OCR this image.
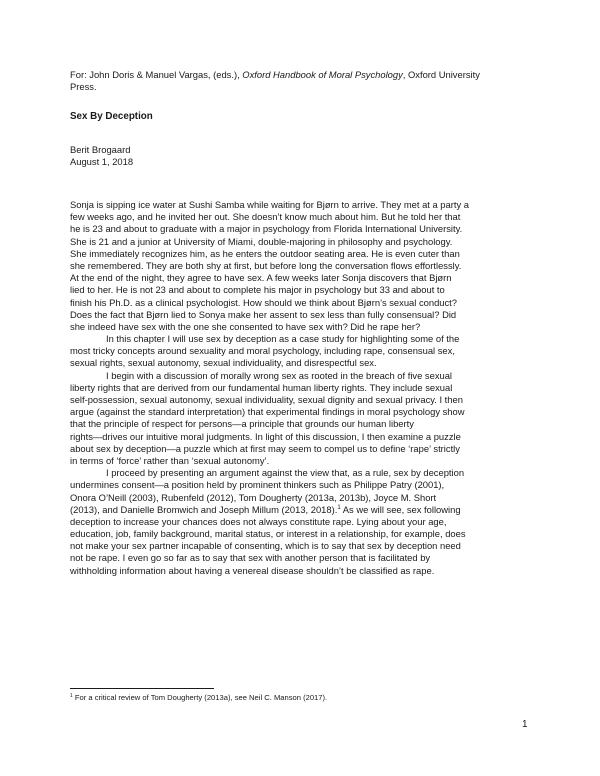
For: John Doris & Manuel Vargas, (eds.), Oxford Handbook of Moral Psychology, Oxford University
Press.
Sex By Deception
Berit Brogaard
August 1, 2018
Sonja is sipping ice water at Sushi Samba while waiting for Bjørn to arrive. They met at a party a
few weeks ago, and he invited her out. She doesn’t know much about him. But he told her that
he is 23 and about to graduate with a major in psychology from Florida International University.
She is 21 and a junior at University of Miami, double-majoring in philosophy and psychology.
She immediately recognizes him, as he enters the outdoor seating area. He is even cuter than
she remembered. They are both shy at first, but before long the conversation flows effortlessly.
At the end of the night, they agree to have sex. A few weeks later Sonja discovers that Bjørn
lied to her. He is not 23 and about to complete his major in psychology but 33 and about to
finish his Ph.D. as a clinical psychologist. How should we think about Bjørn’s sexual conduct?
Does the fact that Bjørn lied to Sonya make her assent to sex less than fully consensual? Did
she indeed have sex with the one she consented to have sex with? Did he rape her?
In this chapter I will use sex by deception as a case study for highlighting some of the
most tricky concepts around sexuality and moral psychology, including rape, consensual sex,
sexual rights, sexual autonomy, sexual individuality, and disrespectful sex.
I begin with a discussion of morally wrong sex as rooted in the breach of five sexual
liberty rights that are derived from our fundamental human liberty rights. They include sexual
self-possession, sexual autonomy, sexual individuality, sexual dignity and sexual privacy. I then
argue (against the standard interpretation) that experimental findings in moral psychology show
that the principle of respect for persons—a principle that grounds our human liberty
rights—drives our intuitive moral judgments. In light of this discussion, I then examine a puzzle
about sex by deception—a puzzle which at first may seem to compel us to define ‘rape’ strictly
in terms of ‘force’ rather than ‘sexual autonomy’.
I proceed by presenting an argument against the view that, as a rule, sex by deception
undermines consent—a position held by prominent thinkers such as Philippe Patry (2001),
Onora O’Neill (2003), Rubenfeld (2012), Tom Dougherty (2013a, 2013b), Joyce M. Short
(2013), and Danielle Bromwich and Joseph Millum (2013, 2018).$^1$ As we will see, sex following
deception to increase your chances does not always constitute rape. Lying about your age,
education, job, family background, marital status, or interest in a relationship, for example, does
not make your sex partner incapable of consenting, which is to say that sex by deception need
not be rape. I even go so far as to say that sex with another person that is facilitated by
withholding information about having a venereal disease shouldn’t be classified as rape.
$^1$ For a critical review of Tom Dougherty (2013a), see Neil C. Manson (2017).
1
